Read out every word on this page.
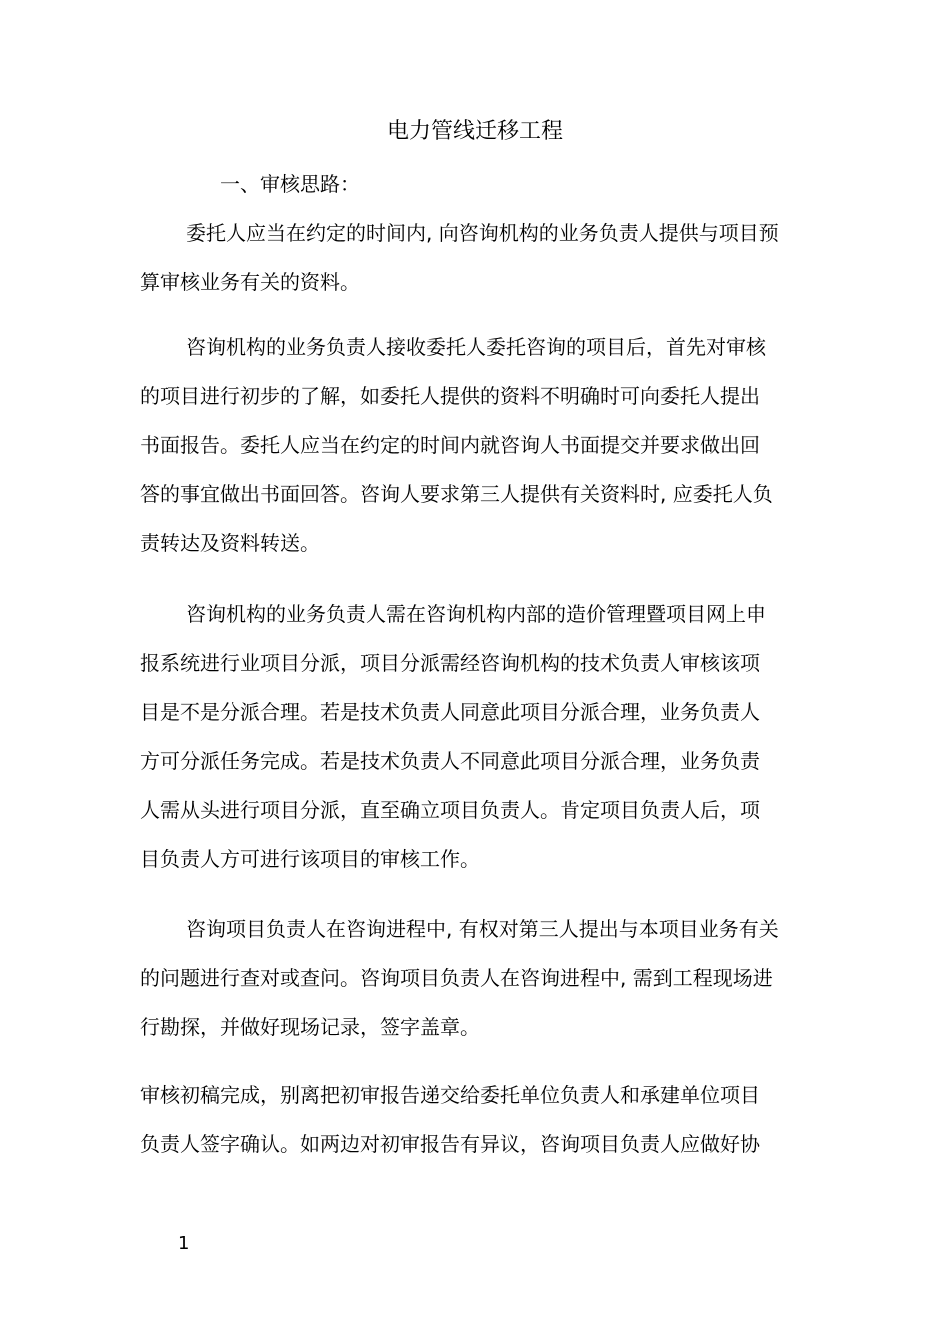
电力管线迁移工程
一、审核思路：
委托人应当在约定的时间内, 向咨询机构的业务负责人提供与项目预
算审核业务有关的资料。
咨询机构的业务负责人接收委托人委托咨询的项目后，首先对审核
的项目进行初步的了解，如委托人提供的资料不明确时可向委托人提出
书面报告。委托人应当在约定的时间内就咨询人书面提交并要求做出回
答的事宜做出书面回答。咨询人要求第三人提供有关资料时, 应委托人负
责转达及资料转送。
咨询机构的业务负责人需在咨询机构内部的造价管理暨项目网上申
报系统进行业项目分派，项目分派需经咨询机构的技术负责人审核该项
目是不是分派合理。若是技术负责人同意此项目分派合理，业务负责人
方可分派任务完成。若是技术负责人不同意此项目分派合理，业务负责
人需从头进行项目分派，直至确立项目负责人。肯定项目负责人后，项
目负责人方可进行该项目的审核工作。
咨询项目负责人在咨询进程中, 有权对第三人提出与本项目业务有关
的问题进行查对或查问。咨询项目负责人在咨询进程中, 需到工程现场进
行勘探，并做好现场记录，签字盖章。
审核初稿完成，别离把初审报告递交给委托单位负责人和承建单位项目
负责人签字确认。如两边对初审报告有异议，咨询项目负责人应做好协
1
